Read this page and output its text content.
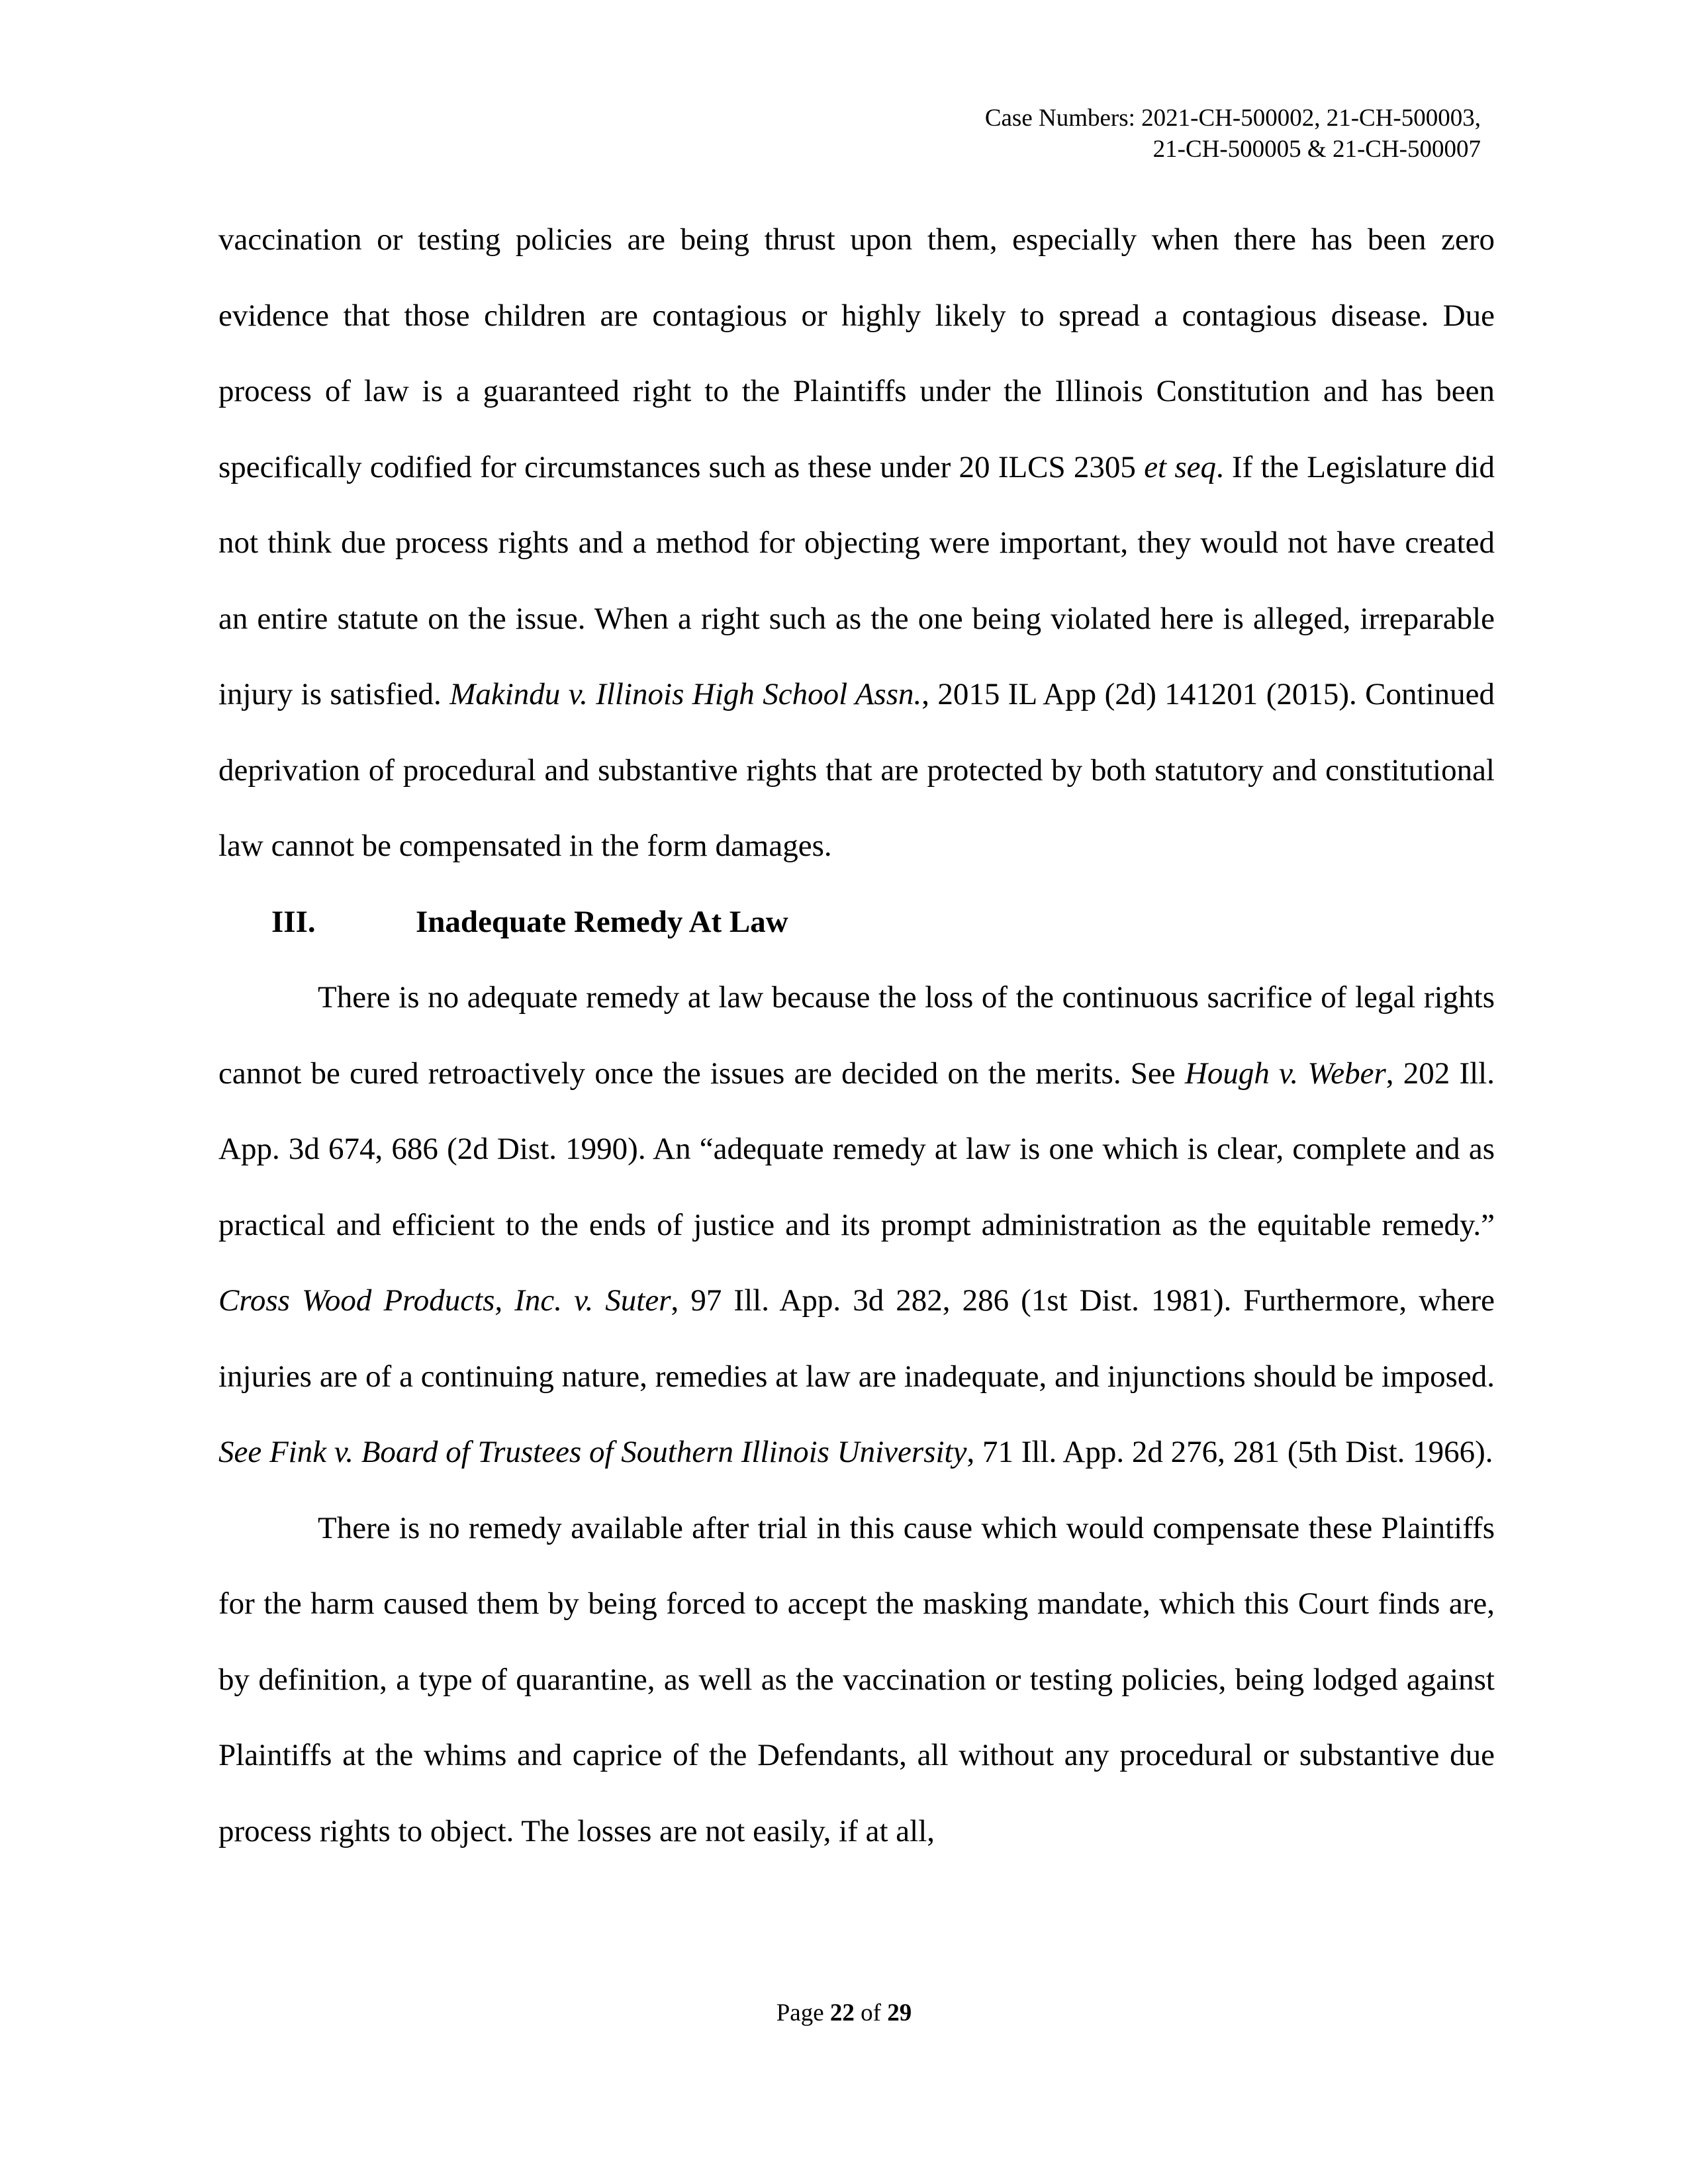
Case Numbers: 2021-CH-500002, 21-CH-500003,
21-CH-500005 & 21-CH-500007

vaccination or testing policies are being thrust upon them, especially when there has been zero evidence that those children are contagious or highly likely to spread a contagious disease. Due process of law is a guaranteed right to the Plaintiffs under the Illinois Constitution and has been specifically codified for circumstances such as these under 20 ILCS 2305 et seq. If the Legislature did not think due process rights and a method for objecting were important, they would not have created an entire statute on the issue. When a right such as the one being violated here is alleged, irreparable injury is satisfied. Makindu v. Illinois High School Assn., 2015 IL App (2d) 141201 (2015). Continued deprivation of procedural and substantive rights that are protected by both statutory and constitutional law cannot be compensated in the form damages.

III.	Inadequate Remedy At Law

There is no adequate remedy at law because the loss of the continuous sacrifice of legal rights cannot be cured retroactively once the issues are decided on the merits. See Hough v. Weber, 202 Ill. App. 3d 674, 686 (2d Dist. 1990). An “adequate remedy at law is one which is clear, complete and as practical and efficient to the ends of justice and its prompt administration as the equitable remedy.” Cross Wood Products, Inc. v. Suter, 97 Ill. App. 3d 282, 286 (1st Dist. 1981). Furthermore, where injuries are of a continuing nature, remedies at law are inadequate, and injunctions should be imposed. See Fink v. Board of Trustees of Southern Illinois University, 71 Ill. App. 2d 276, 281 (5th Dist. 1966).

There is no remedy available after trial in this cause which would compensate these Plaintiffs for the harm caused them by being forced to accept the masking mandate, which this Court finds are, by definition, a type of quarantine, as well as the vaccination or testing policies, being lodged against Plaintiffs at the whims and caprice of the Defendants, all without any procedural or substantive due process rights to object. The losses are not easily, if at all,

Page 22 of 29
